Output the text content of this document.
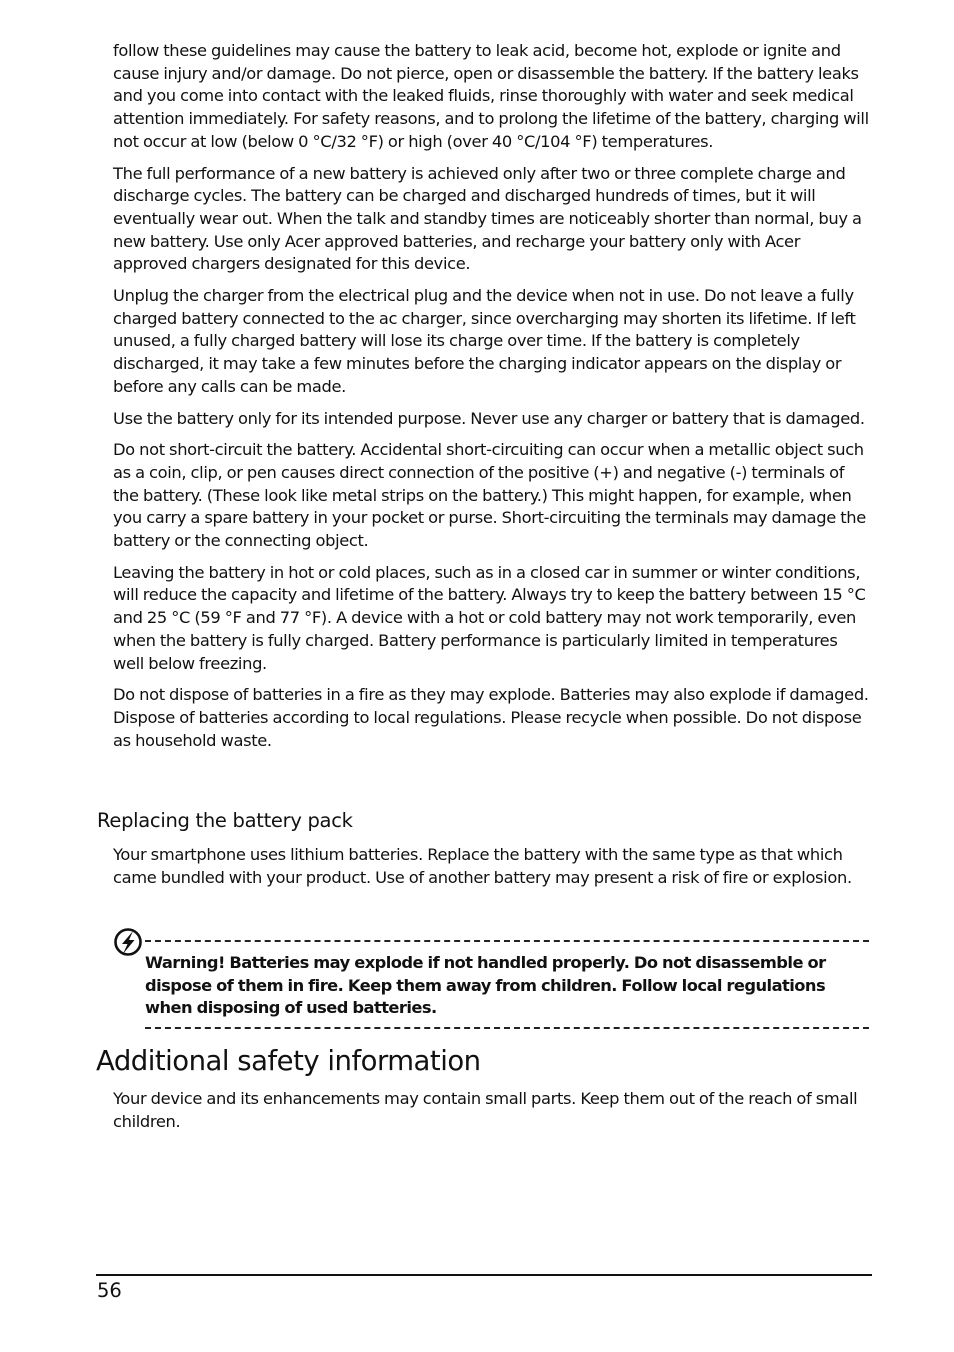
follow these guidelines may cause the battery to leak acid, become hot, explode or ignite and cause injury and/or damage. Do not pierce, open or disassemble the battery. If the battery leaks and you come into contact with the leaked fluids, rinse thoroughly with water and seek medical attention immediately. For safety reasons, and to prolong the lifetime of the battery, charging will not occur at low (below 0 °C/32 °F) or high (over 40 °C/104 °F) temperatures.

The full performance of a new battery is achieved only after two or three complete charge and discharge cycles. The battery can be charged and discharged hundreds of times, but it will eventually wear out. When the talk and standby times are noticeably shorter than normal, buy a new battery. Use only Acer approved batteries, and recharge your battery only with Acer approved chargers designated for this device.

Unplug the charger from the electrical plug and the device when not in use. Do not leave a fully charged battery connected to the ac charger, since overcharging may shorten its lifetime. If left unused, a fully charged battery will lose its charge over time. If the battery is completely discharged, it may take a few minutes before the charging indicator appears on the display or before any calls can be made.

Use the battery only for its intended purpose. Never use any charger or battery that is damaged.

Do not short-circuit the battery. Accidental short-circuiting can occur when a metallic object such as a coin, clip, or pen causes direct connection of the positive (+) and negative (-) terminals of the battery. (These look like metal strips on the battery.) This might happen, for example, when you carry a spare battery in your pocket or purse. Short-circuiting the terminals may damage the battery or the connecting object.

Leaving the battery in hot or cold places, such as in a closed car in summer or winter conditions, will reduce the capacity and lifetime of the battery. Always try to keep the battery between 15 °C and 25 °C (59 °F and 77 °F). A device with a hot or cold battery may not work temporarily, even when the battery is fully charged. Battery performance is particularly limited in temperatures well below freezing.

Do not dispose of batteries in a fire as they may explode. Batteries may also explode if damaged. Dispose of batteries according to local regulations. Please recycle when possible. Do not dispose as household waste.

Replacing the battery pack

Your smartphone uses lithium batteries. Replace the battery with the same type as that which came bundled with your product. Use of another battery may present a risk of fire or explosion.

Warning! Batteries may explode if not handled properly. Do not disassemble or dispose of them in fire. Keep them away from children. Follow local regulations when disposing of used batteries.

Additional safety information

Your device and its enhancements may contain small parts. Keep them out of the reach of small children.

56
